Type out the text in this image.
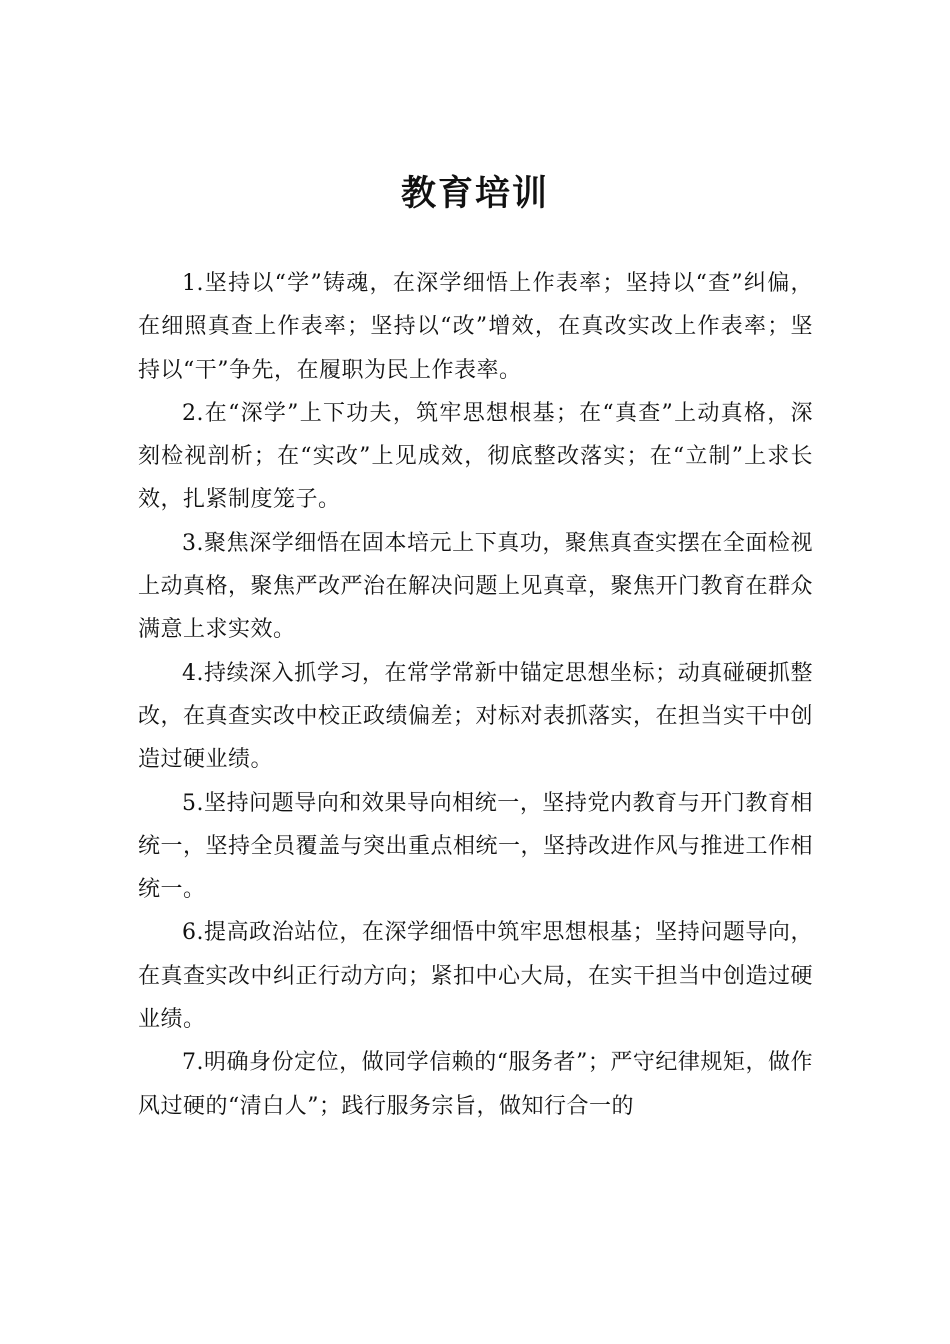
教育培训

1.坚持以“学”铸魂，在深学细悟上作表率；坚持以“查”纠偏，在细照真查上作表率；坚持以“改”增效，在真改实改上作表率；坚持以“干”争先，在履职为民上作表率。

2.在“深学”上下功夫，筑牢思想根基；在“真查”上动真格，深刻检视剖析；在“实改”上见成效，彻底整改落实；在“立制”上求长效，扎紧制度笼子。

3.聚焦深学细悟在固本培元上下真功，聚焦真查实摆在全面检视上动真格，聚焦严改严治在解决问题上见真章，聚焦开门教育在群众满意上求实效。

4.持续深入抓学习，在常学常新中锚定思想坐标；动真碰硬抓整改，在真查实改中校正政绩偏差；对标对表抓落实，在担当实干中创造过硬业绩。

5.坚持问题导向和效果导向相统一，坚持党内教育与开门教育相统一，坚持全员覆盖与突出重点相统一，坚持改进作风与推进工作相统一。

6.提高政治站位，在深学细悟中筑牢思想根基；坚持问题导向，在真查实改中纠正行动方向；紧扣中心大局，在实干担当中创造过硬业绩。

7.明确身份定位，做同学信赖的“服务者”；严守纪律规矩，做作风过硬的“清白人”；践行服务宗旨，做知行合一的
